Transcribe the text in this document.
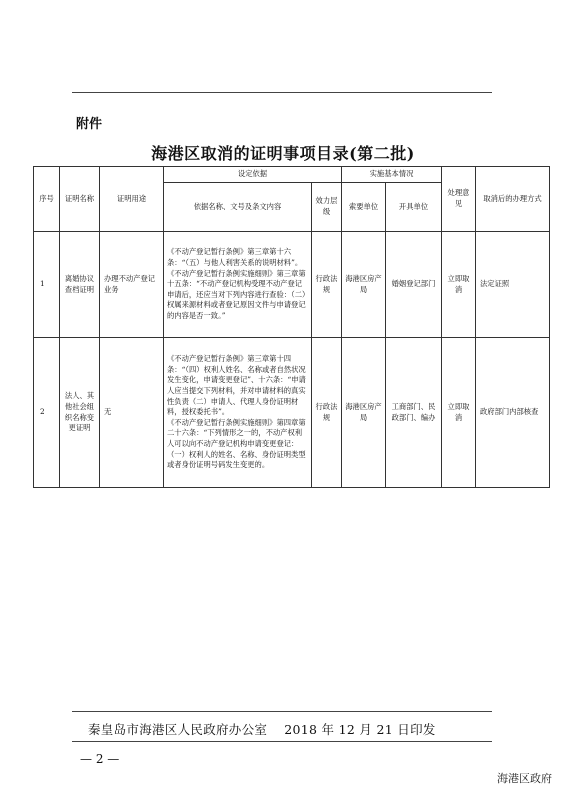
附件
海港区取消的证明事项目录(第二批)
序号	证明名称	证明用途	设定依据		实施基本情况		处理意见	取消后的办理方式
			依据名称、文号及条文内容	效力层级	索要单位	开具单位		
1	离婚协议查档证明	办理不动产登记业务	《不动产登记暂行条例》第三章第十六条：“（五）与他人利害关系的说明材料”。

《不动产登记暂行条例实施细则》第三章第十五条：“不动产登记机构受理不动产登记申请后，还应当对下列内容进行查验：（二）权属来源材料或者登记原因文件与申请登记的内容是否一致。”	行政法规	海港区房产局	婚姻登记部门	立即取消	法定证照
2	法人、其他社会组织名称变更证明	无	《不动产登记暂行条例》第三章第十四条：“（四）权利人姓名、名称或者自然状况发生变化，申请变更登记”、十六条：“申请人应当提交下列材料，并对申请材料的真实性负责（二）申请人、代理人身份证明材料，授权委托书”。

《不动产登记暂行条例实施细则》第四章第二十六条：“下列情形之一的，不动产权利人可以向不动产登记机构申请变更登记：（一）权利人的姓名、名称、身份证明类型或者身份证明号码发生变更的。	行政法规	海港区房产局	工商部门、民政部门、编办	立即取消	政府部门内部核查
秦皇岛市海港区人民政府办公室　 2018 年 12 月 21 日印发
— 2 —
海港区政府
